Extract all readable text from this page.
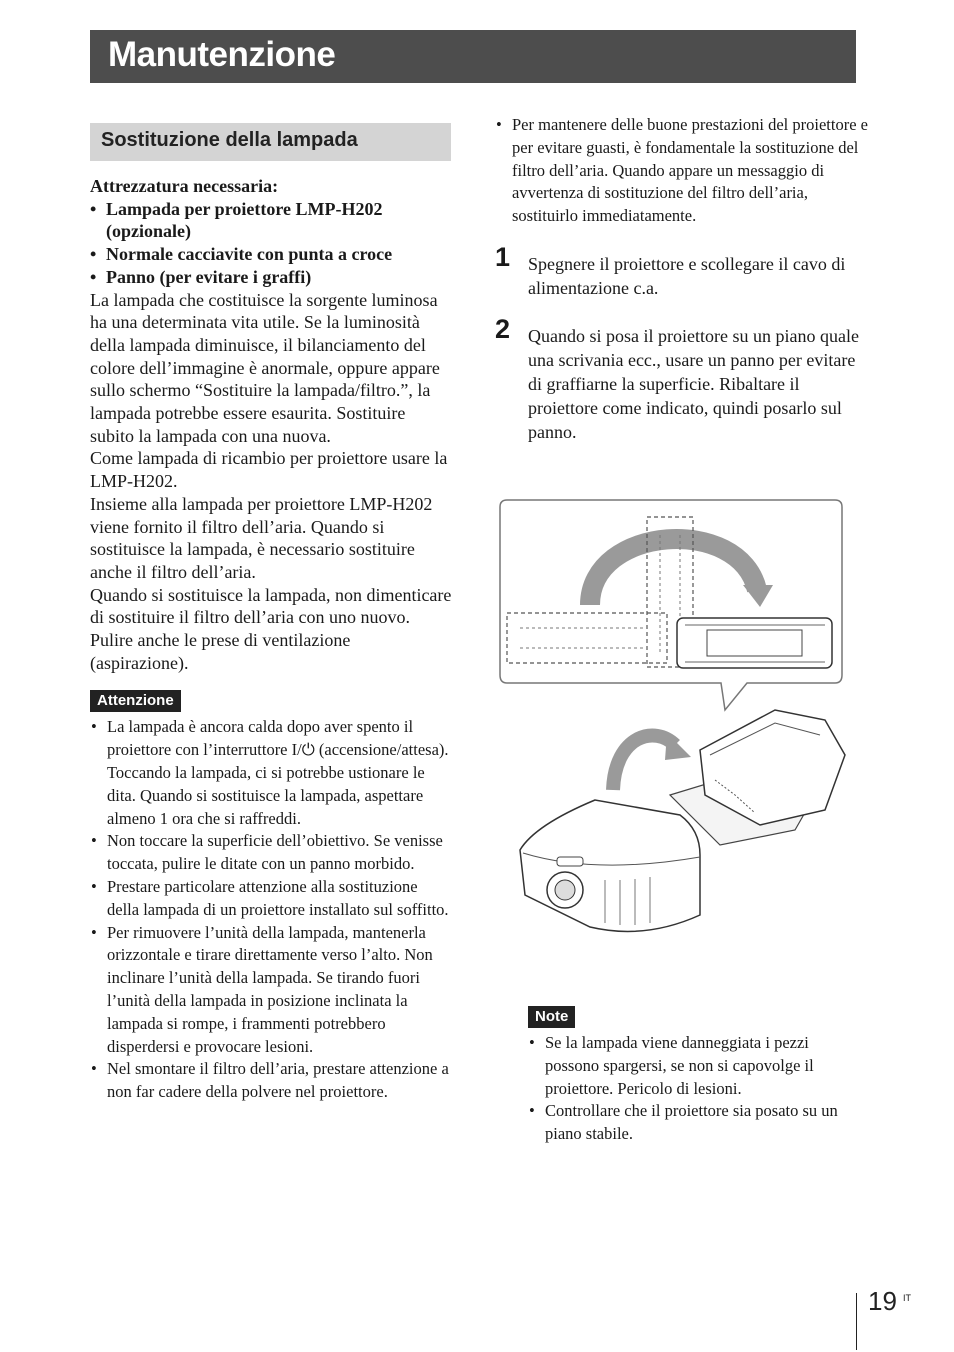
Manutenzione
Sostituzione della lampada
Attrezzatura necessaria:
• Lampada per proiettore LMP-H202 (opzionale)
• Normale cacciavite con punta a croce
• Panno (per evitare i graffi)
La lampada che costituisce la sorgente luminosa ha una determinata vita utile. Se la luminosità della lampada diminuisce, il bilanciamento del colore dell’immagine è anormale, oppure appare sullo schermo “Sostituire la lampada/filtro.”, la lampada potrebbe essere esaurita. Sostituire subito la lampada con una nuova.
Come lampada di ricambio per proiettore usare la LMP-H202.
Insieme alla lampada per proiettore LMP-H202 viene fornito il filtro dell’aria. Quando si sostituisce la lampada, è necessario sostituire anche il filtro dell’aria.
Quando si sostituisce la lampada, non dimenticare di sostituire il filtro dell’aria con uno nuovo. Pulire anche le prese di ventilazione (aspirazione).
Attenzione
• La lampada è ancora calda dopo aver spento il proiettore con l’interruttore I/⏻ (accensione/attesa). Toccando la lampada, ci si potrebbe ustionare le dita. Quando si sostituisce la lampada, aspettare almeno 1 ora che si raffreddi.
• Non toccare la superficie dell’obiettivo. Se venisse toccata, pulire le ditate con un panno morbido.
• Prestare particolare attenzione alla sostituzione della lampada di un proiettore installato sul soffitto.
• Per rimuovere l’unità della lampada, mantenerla orizzontale e tirare direttamente verso l’alto. Non inclinare l’unità della lampada. Se tirando fuori l’unità della lampada in posizione inclinata la lampada si rompe, i frammenti potrebbero disperdersi e provocare lesioni.
• Nel smontare il filtro dell’aria, prestare attenzione a non far cadere della polvere nel proiettore.
• Per mantenere delle buone prestazioni del proiettore e per evitare guasti, è fondamentale la sostituzione del filtro dell’aria. Quando appare un messaggio di avvertenza di sostituzione del filtro dell’aria, sostituirlo immediatamente.
1 Spegnere il proiettore e scollegare il cavo di alimentazione c.a.
2 Quando si posa il proiettore su un piano quale una scrivania ecc., usare un panno per evitare di graffiarne la superficie. Ribaltare il proiettore come indicato, quindi posarlo sul panno.
Note
• Se la lampada viene danneggiata i pezzi possono spargersi, se non si capovolge il proiettore. Pericolo di lesioni.
• Controllare che il proiettore sia posato su un piano stabile.
19 IT
